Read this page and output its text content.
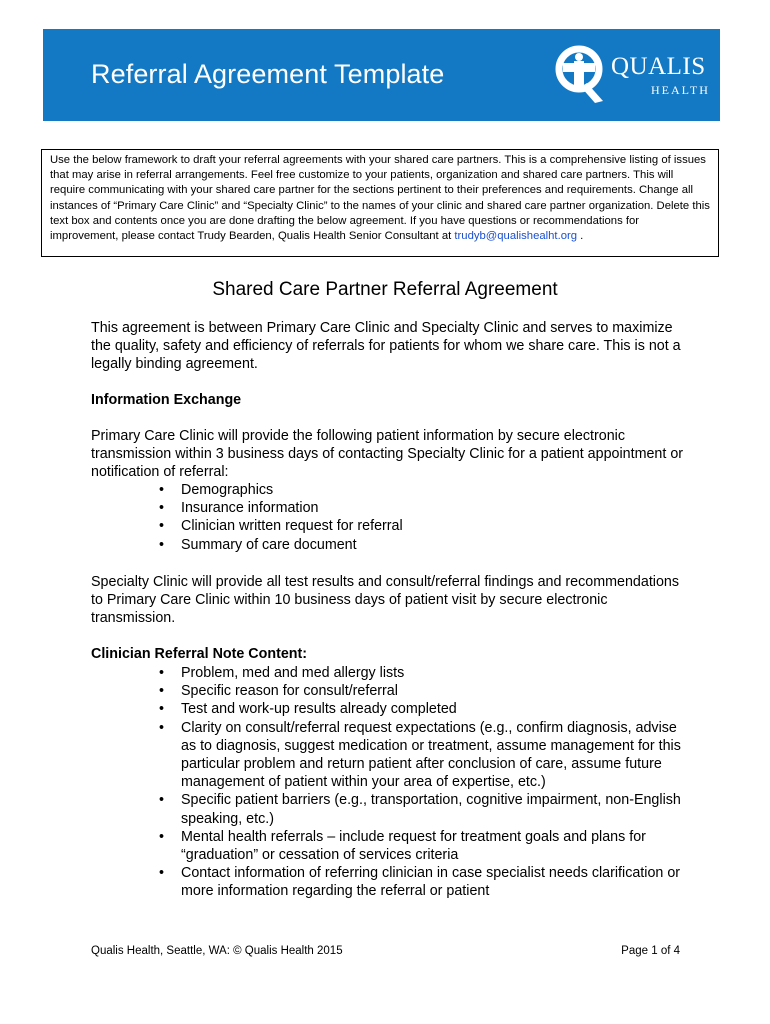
Referral Agreement Template	QUALIS
HEALTH
Use the below framework to draft your referral agreements with your shared care partners. This is a comprehensive listing of issues that may arise in referral arrangements. Feel free customize to your patients, organization and shared care partners. This will require communicating with your shared care partner for the sections pertinent to their preferences and requirements. Change all instances of “Primary Care Clinic” and “Specialty Clinic” to the names of your clinic and shared care partner organization. Delete this text box and contents once you are done drafting the below agreement. If you have questions or recommendations for improvement, please contact Trudy Bearden, Qualis Health Senior Consultant at trudyb@qualishealht.org .
Shared Care Partner Referral Agreement

This agreement is between Primary Care Clinic and Specialty Clinic and serves to maximize the quality, safety and efficiency of referrals for patients for whom we share care. This is not a legally binding agreement.

Information Exchange

Primary Care Clinic will provide the following patient information by secure electronic transmission within 3 business days of contacting Specialty Clinic for a patient appointment or notification of referral:

• Demographics
• Insurance information
• Clinician written request for referral
• Summary of care document

Specialty Clinic will provide all test results and consult/referral findings and recommendations to Primary Care Clinic within 10 business days of patient visit by secure electronic transmission.

Clinician Referral Note Content:

• Problem, med and med allergy lists
• Specific reason for consult/referral
• Test and work-up results already completed
• Clarity on consult/referral request expectations (e.g., confirm diagnosis, advise as to diagnosis, suggest medication or treatment, assume management for this particular problem and return patient after conclusion of care, assume future management of patient within your area of expertise, etc.)
• Specific patient barriers (e.g., transportation, cognitive impairment, non-English speaking, etc.)
• Mental health referrals – include request for treatment goals and plans for “graduation” or cessation of services criteria
• Contact information of referring clinician in case specialist needs clarification or more information regarding the referral or patient

Qualis Health, Seattle, WA: © Qualis Health 2015	Page 1 of 4
